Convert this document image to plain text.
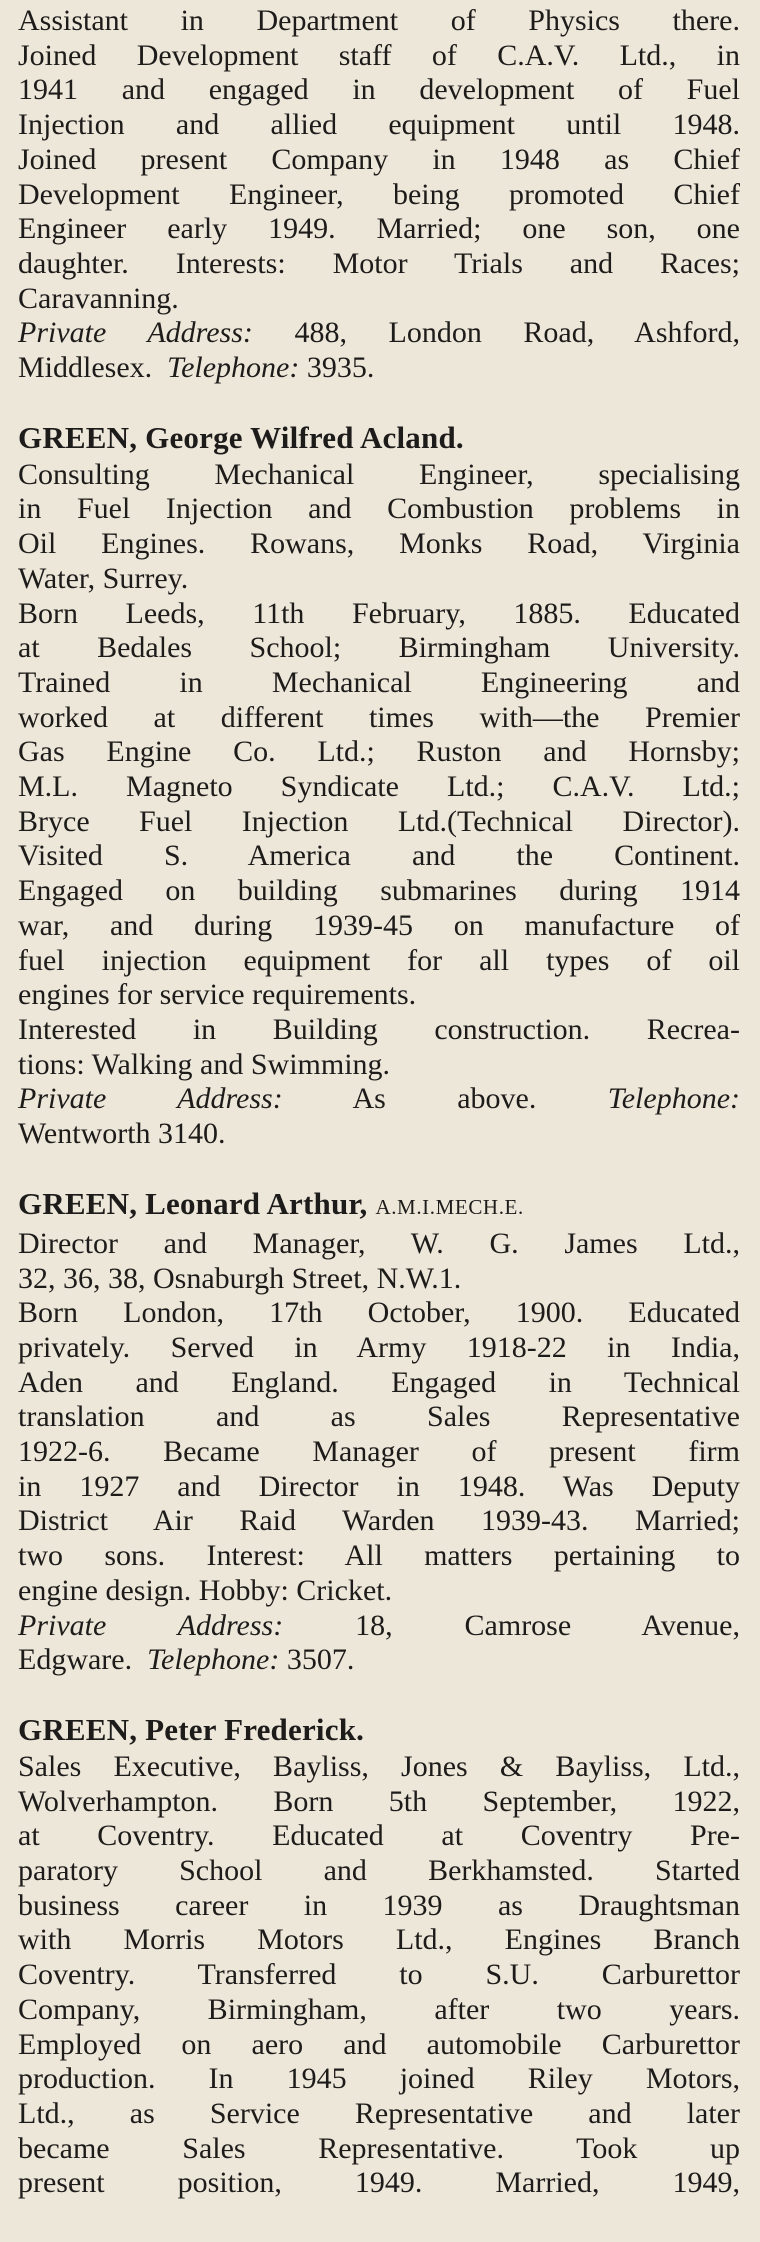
Assistant in Department of Physics there.
Joined Development staff of C.A.V. Ltd., in
1941 and engaged in development of Fuel
Injection and allied equipment until 1948.
Joined present Company in 1948 as Chief
Development Engineer, being promoted Chief
Engineer early 1949. Married; one son, one
daughter. Interests: Motor Trials and Races;
Caravanning.
Private Address: 488, London Road, Ashford,
Middlesex. Telephone: 3935.
GREEN, George Wilfred Acland.
Consulting Mechanical Engineer, specialising
in Fuel Injection and Combustion problems in
Oil Engines. Rowans, Monks Road, Virginia
Water, Surrey.
Born Leeds, 11th February, 1885. Educated
at Bedales School; Birmingham University.
Trained in Mechanical Engineering and
worked at different times with—the Premier
Gas Engine Co. Ltd.; Ruston and Hornsby;
M.L. Magneto Syndicate Ltd.; C.A.V. Ltd.;
Bryce Fuel Injection Ltd.(Technical Director).
Visited S. America and the Continent.
Engaged on building submarines during 1914
war, and during 1939-45 on manufacture of
fuel injection equipment for all types of oil
engines for service requirements.
Interested in Building construction. Recrea-
tions: Walking and Swimming.
Private Address: As above. Telephone:
Wentworth 3140.
GREEN, Leonard Arthur, A.M.I.MECH.E.
Director and Manager, W. G. James Ltd.,
32, 36, 38, Osnaburgh Street, N.W.1.
Born London, 17th October, 1900. Educated
privately. Served in Army 1918-22 in India,
Aden and England. Engaged in Technical
translation and as Sales Representative
1922-6. Became Manager of present firm
in 1927 and Director in 1948. Was Deputy
District Air Raid Warden 1939-43. Married;
two sons. Interest: All matters pertaining to
engine design. Hobby: Cricket.
Private Address: 18, Camrose Avenue,
Edgware. Telephone: 3507.
GREEN, Peter Frederick.
Sales Executive, Bayliss, Jones & Bayliss, Ltd.,
Wolverhampton. Born 5th September, 1922,
at Coventry. Educated at Coventry Pre-
paratory School and Berkhamsted. Started
business career in 1939 as Draughtsman
with Morris Motors Ltd., Engines Branch
Coventry. Transferred to S.U. Carburettor
Company, Birmingham, after two years.
Employed on aero and automobile Carburettor
production. In 1945 joined Riley Motors,
Ltd., as Service Representative and later
became Sales Representative. Took up
present position, 1949. Married, 1949,
